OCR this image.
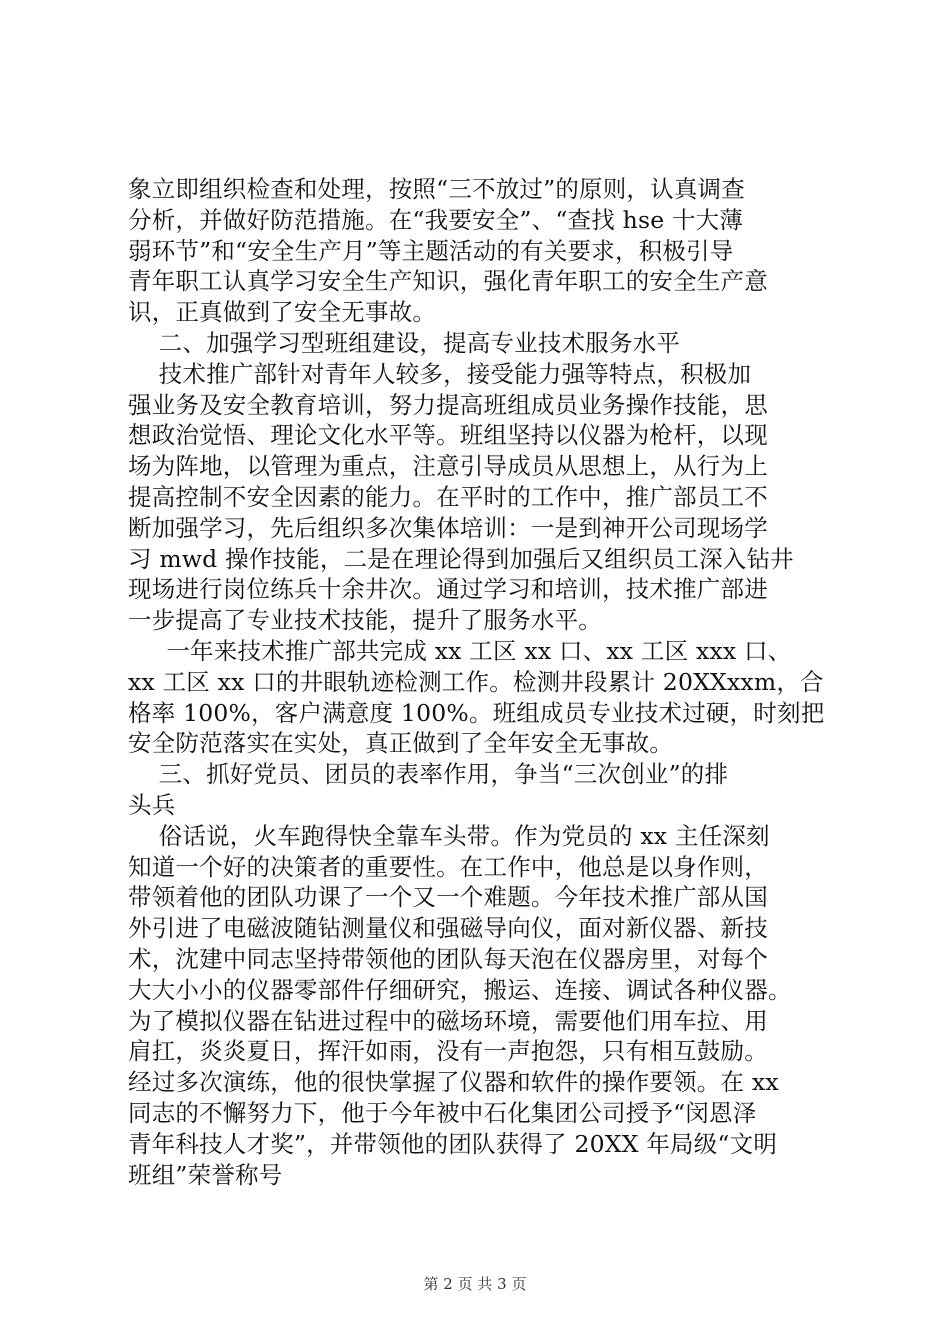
象立即组织检查和处理，按照“三不放过”的原则，认真调查
分析，并做好防范措施。在“我要安全”、“查找 hse 十大薄
弱环节”和“安全生产月”等主题活动的有关要求，积极引导
青年职工认真学习安全生产知识，强化青年职工的安全生产意
识，正真做到了安全无事故。
二、加强学习型班组建设，提高专业技术服务水平
技术推广部针对青年人较多，接受能力强等特点，积极加
强业务及安全教育培训，努力提高班组成员业务操作技能，思
想政治觉悟、理论文化水平等。班组坚持以仪器为枪杆，以现
场为阵地，以管理为重点，注意引导成员从思想上，从行为上
提高控制不安全因素的能力。在平时的工作中，推广部员工不
断加强学习，先后组织多次集体培训：一是到神开公司现场学
习 mwd 操作技能，二是在理论得到加强后又组织员工深入钻井
现场进行岗位练兵十余井次。通过学习和培训，技术推广部进
一步提高了专业技术技能，提升了服务水平。
一年来技术推广部共完成 xx 工区 xx 口、xx 工区 xxx 口、
xx 工区 xx 口的井眼轨迹检测工作。检测井段累计 20XXxxm，合
格率 100%，客户满意度 100%。班组成员专业技术过硬，时刻把
安全防范落实在实处，真正做到了全年安全无事故。
三、抓好党员、团员的表率作用，争当“三次创业”的排
头兵
俗话说，火车跑得快全靠车头带。作为党员的 xx 主任深刻
知道一个好的决策者的重要性。在工作中，他总是以身作则，
带领着他的团队功课了一个又一个难题。今年技术推广部从国
外引进了电磁波随钻测量仪和强磁导向仪，面对新仪器、新技
术，沈建中同志坚持带领他的团队每天泡在仪器房里，对每个
大大小小的仪器零部件仔细研究，搬运、连接、调试各种仪器。
为了模拟仪器在钻进过程中的磁场环境，需要他们用车拉、用
肩扛，炎炎夏日，挥汗如雨，没有一声抱怨，只有相互鼓励。
经过多次演练，他的很快掌握了仪器和软件的操作要领。在 xx
同志的不懈努力下，他于今年被中石化集团公司授予“闵恩泽
青年科技人才奖”，并带领他的团队获得了 20XX 年局级“文明
班组”荣誉称号
第 2 页 共 3 页
